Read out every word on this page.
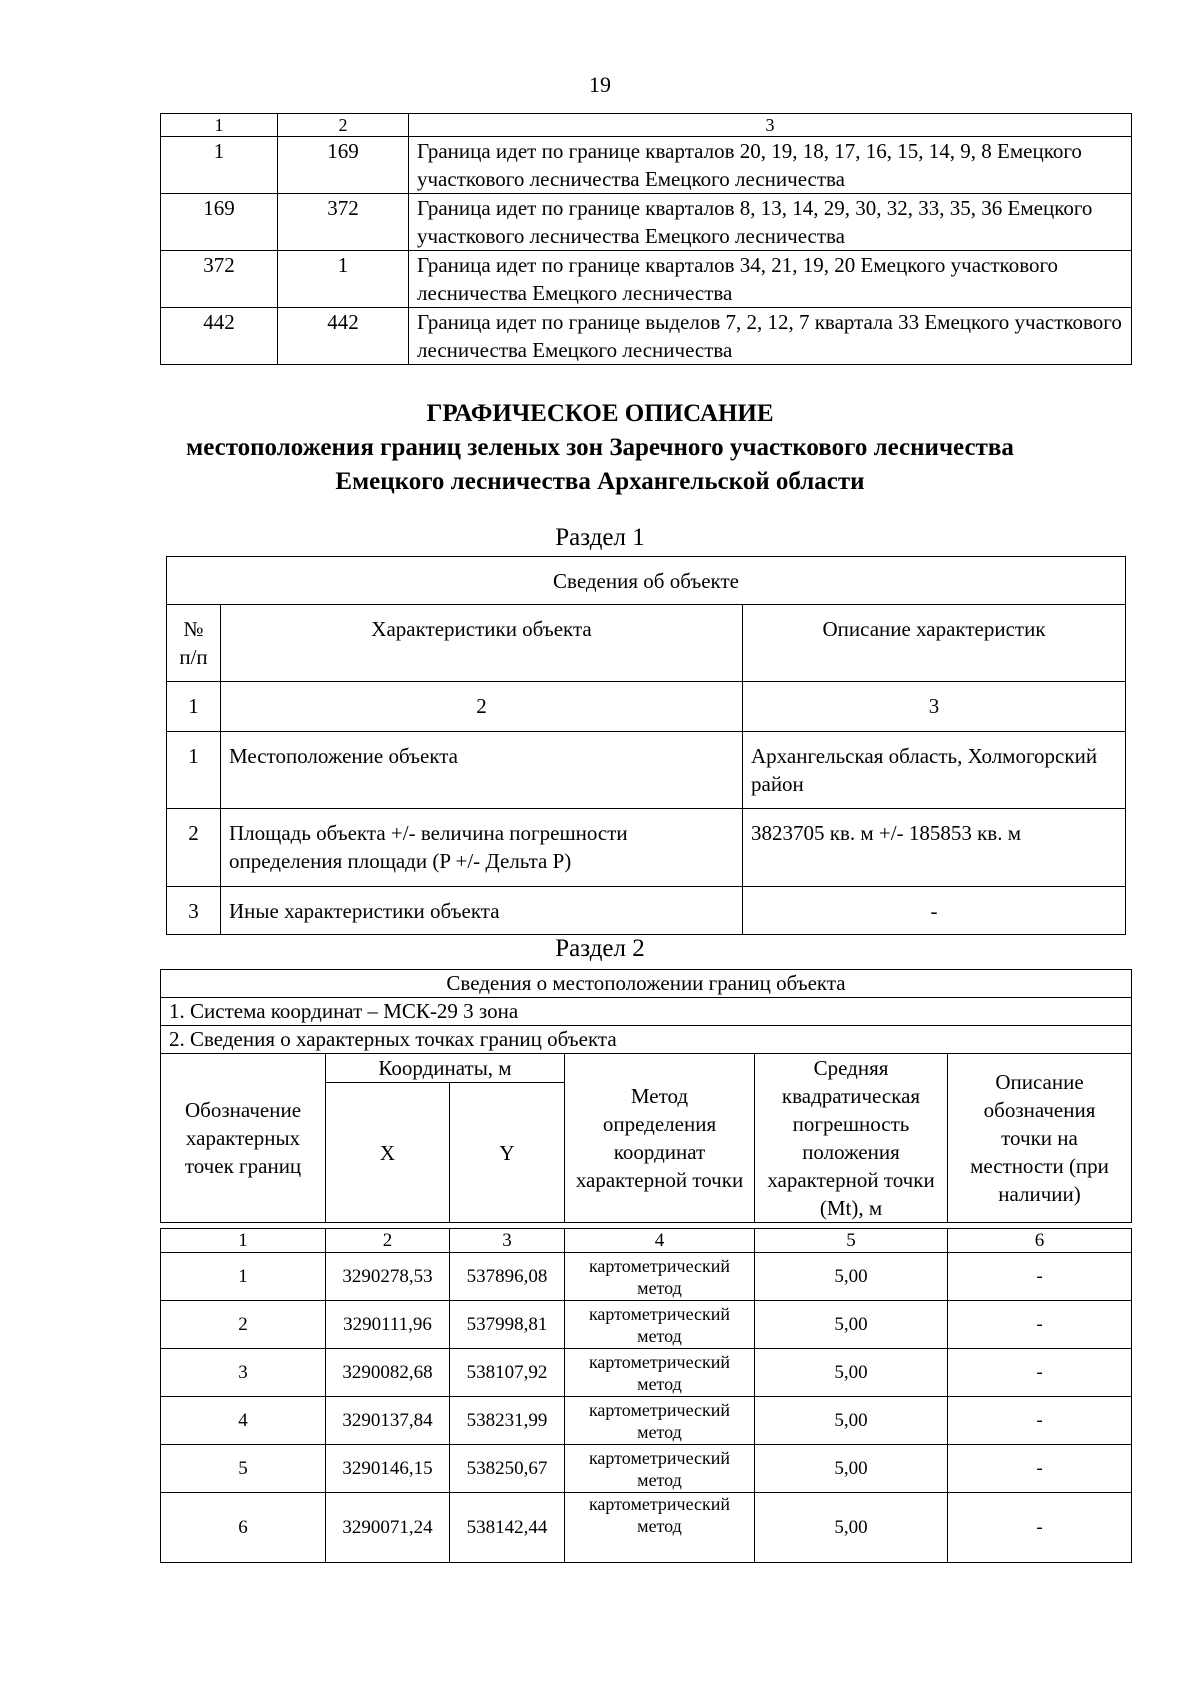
19
1	2	3
1	169	Граница идет по границе кварталов 20, 19, 18, 17, 16, 15, 14, 9, 8 Емецкого участкового лесничества Емецкого лесничества
169	372	Граница идет по границе кварталов 8, 13, 14, 29, 30, 32, 33, 35, 36 Емецкого участкового лесничества Емецкого лесничества
372	1	Граница идет по границе кварталов 34, 21, 19, 20 Емецкого участкового лесничества Емецкого лесничества
442	442	Граница идет по границе выделов 7, 2, 12, 7 квартала 33 Емецкого участкового лесничества Емецкого лесничества
ГРАФИЧЕСКОЕ ОПИСАНИЕ
местоположения границ зеленых зон Заречного участкового лесничества
Емецкого лесничества Архангельской области
Раздел 1
Сведения об объекте		
№ п/п	Характеристики объекта	Описание характеристик
1	2	3
1	Местоположение объекта	Архангельская область, Холмогорский район
2	Площадь объекта +/- величина погрешности определения площади (P +/- Дельта P)	3823705 кв. м +/- 185853 кв. м
3	Иные характеристики объекта	-
Раздел 2
Сведения о местоположении границ объекта					
1. Система координат – МСК-29 3 зона					
2. Сведения о характерных точках границ объекта					
Обозначение характерных точек границ	Координаты, м		Метод определения координат характерной точки	Средняя квадратическая погрешность положения характерной точки (Mt), м	Описание обозначения точки на местности (при наличии)
	X	Y			
1	2	3	4	5	6
1	3290278,53	537896,08	картометрический метод	5,00	-
2	3290111,96	537998,81	картометрический метод	5,00	-
3	3290082,68	538107,92	картометрический метод	5,00	-
4	3290137,84	538231,99	картометрический метод	5,00	-
5	3290146,15	538250,67	картометрический метод	5,00	-
6	3290071,24	538142,44	картометрический метод	5,00	-
